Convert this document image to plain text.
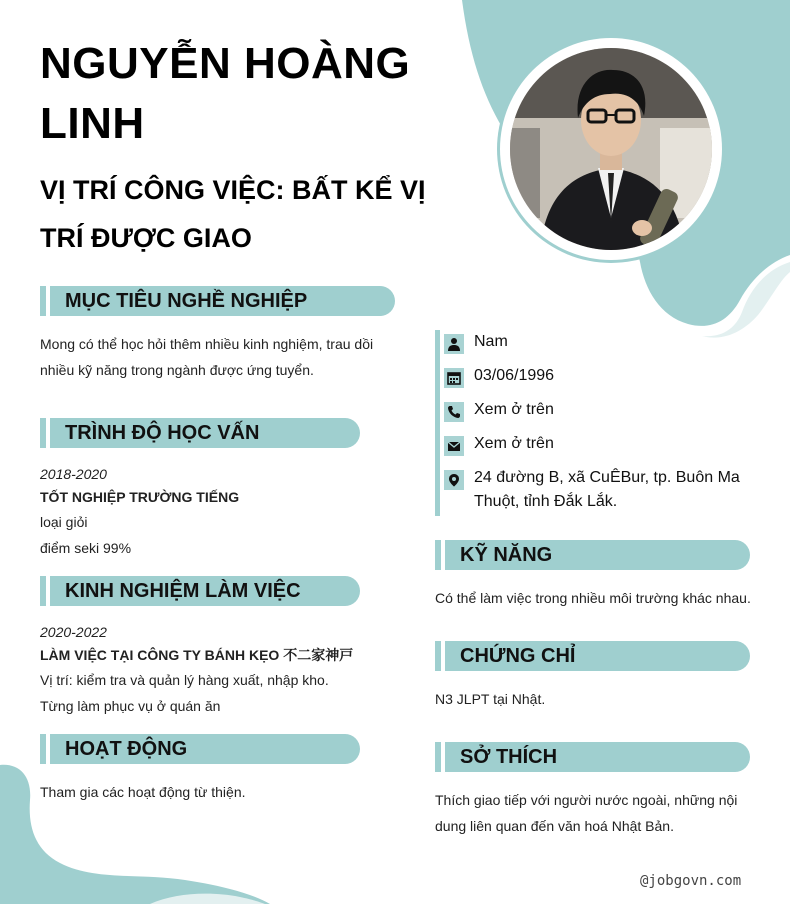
NGUYỄN HOÀNG LINH
VỊ TRÍ CÔNG VIỆC: BẤT KỂ VỊ TRÍ ĐƯỢC GIAO
MỤC TIÊU NGHỀ NGHIỆP

Mong có thể học hỏi thêm nhiều kinh nghiệm, trau dồi

nhiều kỹ năng trong ngành được ứng tuyển.

TRÌNH ĐỘ HỌC VẤN

2018-2020

TỐT NGHIỆP TRƯỜNG TIẾNG

loại giỏi

điểm seki 99%

KINH NGHIỆM LÀM VIỆC

2020-2022

LÀM VIỆC TẠI CÔNG TY BÁNH KẸO 不二家神戸

Vị trí: kiểm tra và quản lý hàng xuất, nhập kho.

Từng làm phục vụ ở quán ăn

HOẠT ĐỘNG

Tham gia các hoạt động từ thiện.

Nam
03/06/1996
Xem ở trên
Xem ở trên
24 đường B, xã CuÊBur, tp. Buôn Ma Thuột, tỉnh Đắk Lắk.
KỸ NĂNG

Có thể làm việc trong nhiều môi trường khác nhau.

CHỨNG CHỈ

N3 JLPT tại Nhật.

SỞ THÍCH

Thích giao tiếp với người nước ngoài, những nội

dung liên quan đến văn hoá Nhật Bản.

@jobgovn.com
